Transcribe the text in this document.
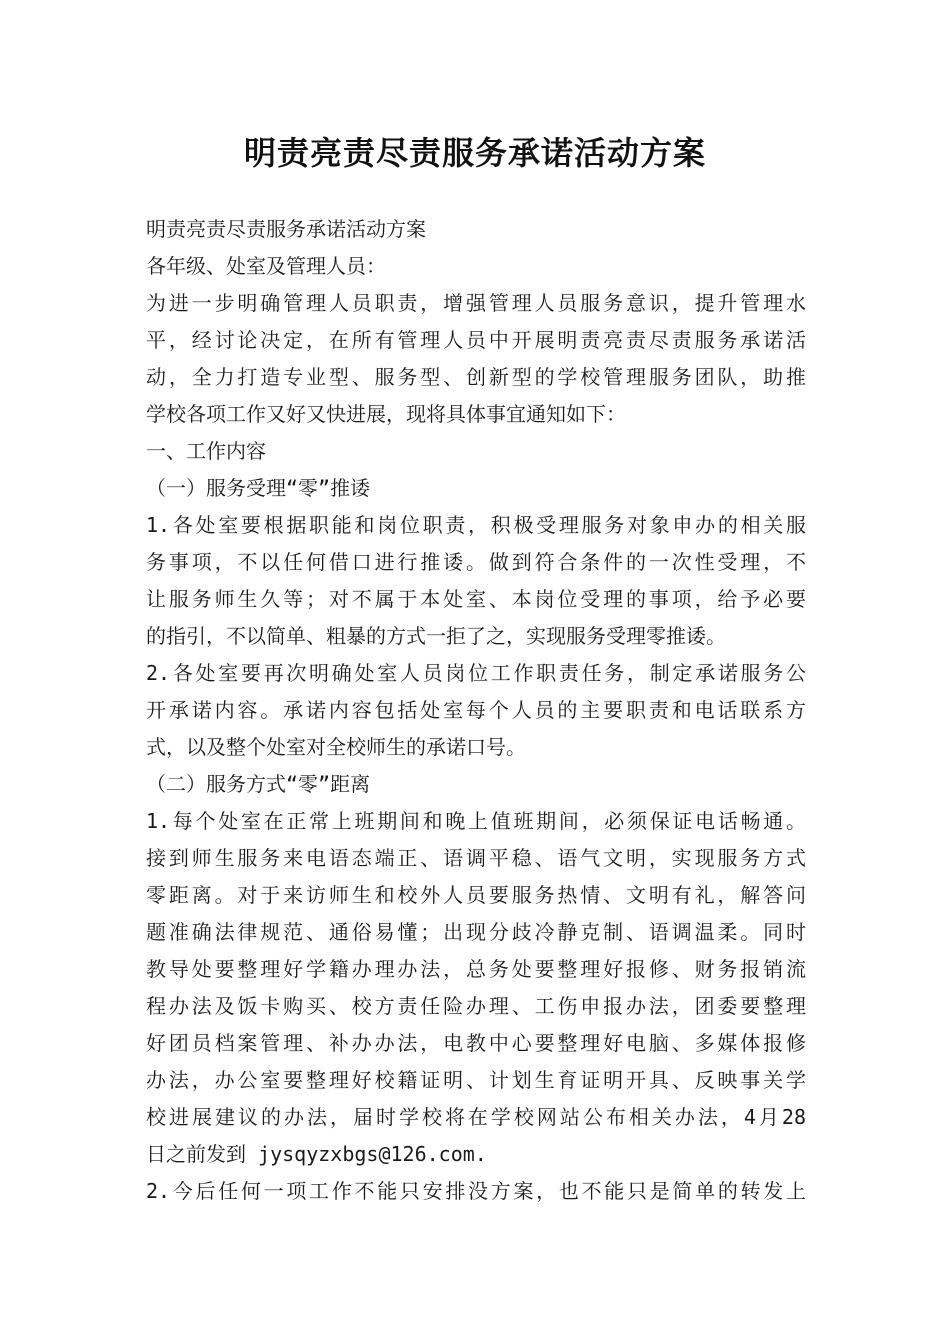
明责亮责尽责服务承诺活动方案
明责亮责尽责服务承诺活动方案
各年级、处室及管理人员：
为进一步明确管理人员职责，增强管理人员服务意识，提升管理水
平，经讨论决定，在所有管理人员中开展明责亮责尽责服务承诺活
动，全力打造专业型、服务型、创新型的学校管理服务团队，助推
学校各项工作又好又快进展，现将具体事宜通知如下：
一、工作内容
（一）服务受理“零”推诿
1.各处室要根据职能和岗位职责，积极受理服务对象申办的相关服
务事项，不以任何借口进行推诿。做到符合条件的一次性受理，不
让服务师生久等；对不属于本处室、本岗位受理的事项，给予必要
的指引，不以简单、粗暴的方式一拒了之，实现服务受理零推诿。
2.各处室要再次明确处室人员岗位工作职责任务，制定承诺服务公
开承诺内容。承诺内容包括处室每个人员的主要职责和电话联系方
式，以及整个处室对全校师生的承诺口号。
（二）服务方式“零”距离
1.每个处室在正常上班期间和晚上值班期间，必须保证电话畅通。
接到师生服务来电语态端正、语调平稳、语气文明，实现服务方式
零距离。对于来访师生和校外人员要服务热情、文明有礼，解答问
题准确法律规范、通俗易懂；出现分歧冷静克制、语调温柔。同时
教导处要整理好学籍办理办法，总务处要整理好报修、财务报销流
程办法及饭卡购买、校方责任险办理、工伤申报办法，团委要整理
好团员档案管理、补办办法，电教中心要整理好电脑、多媒体报修
办法，办公室要整理好校籍证明、计划生育证明开具、反映事关学
校进展建议的办法，届时学校将在学校网站公布相关办法，4月28
日之前发到 jysqyzxbgs@126.com.
2.今后任何一项工作不能只安排没方案，也不能只是简单的转发上
